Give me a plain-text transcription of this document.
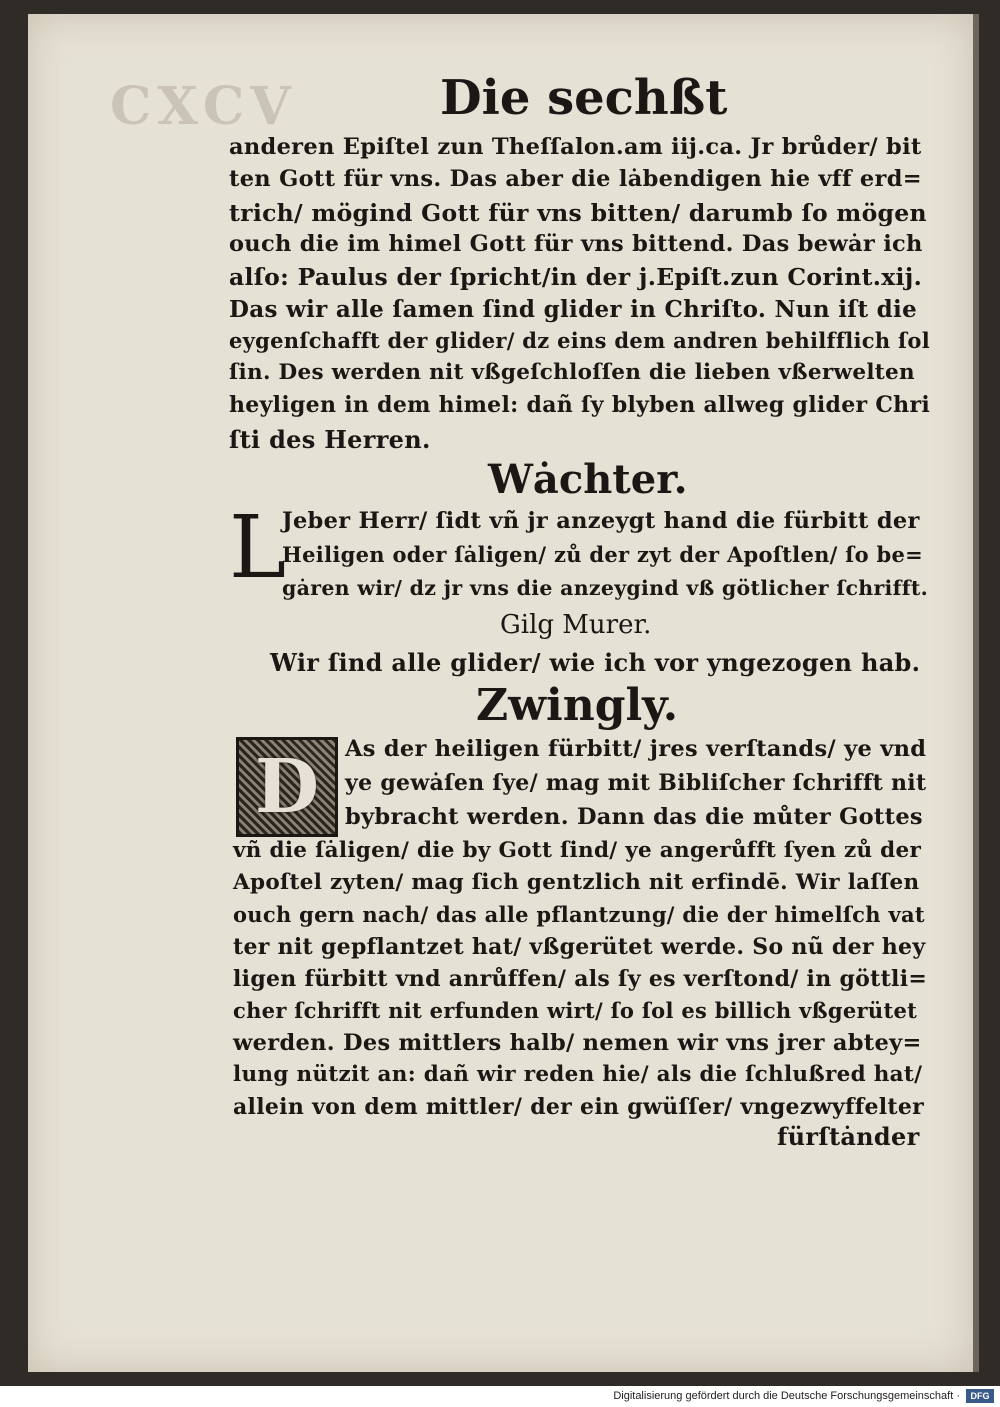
CXCV	Die sechßt
anderen Epiſtel zun Theſſalon.am iij.ca. Jr brůder/ bit
ten Gott für vns. Das aber die lȧbendigen hie vff erd=
trich/ mögind Gott für vns bitten/ darumb ſo mögen
ouch die im himel Gott für vns bittend. Das bewȧr ich
alſo: Paulus der ſpricht/in der j.Epiſt.zun Corint.xij.
Das wir alle ſamen ſind glider in Chriſto. Nun iſt die
eygenſchafft der glider/ dz eins dem andren behilfflich ſol
ſin. Des werden nit vßgeſchloſſen die lieben vßerwelten
heyligen in dem himel: dañ ſy blyben allweg glider Chri
ſti des Herren.
Wȧchter.
L
Jeber Herr/ ſidt vñ jr anzeygt hand die fürbitt der
Heiligen oder ſȧligen/ zů der zyt der Apoſtlen/ ſo be=
gȧren wir/ dz jr vns die anzeygind vß götlicher ſchrifft.
Gilg Murer.
Wir ſind alle glider/ wie ich vor yngezogen hab.
Zwingly.
D As der heiligen fürbitt/ jres verſtands/ ye vnd
ye gewȧſen ſye/ mag mit Bibliſcher ſchrifft nit
bybracht werden. Dann das die můter Gottes
vñ die ſȧligen/ die by Gott ſind/ ye angerůfft ſyen zů der
Apoſtel zyten/ mag ſich gentzlich nit erfindē. Wir laſſen
ouch gern nach/ das alle pflantzung/ die der himelſch vat
ter nit gepflantzet hat/ vßgerütet werde. So nũ der hey
ligen fürbitt vnd anrůffen/ als ſy es verſtond/ in göttli=
cher ſchrifft nit erfunden wirt/ ſo ſol es billich vßgerütet
werden. Des mittlers halb/ nemen wir vns jrer abtey=
lung nützit an: dañ wir reden hie/ als die ſchlußred hat/
allein von dem mittler/ der ein gwüſſer/ vngezwyffelter
fürſtȧnder
Digitalisierung gefördert durch die Deutsche Forschungsgemeinschaft ·	DFG
